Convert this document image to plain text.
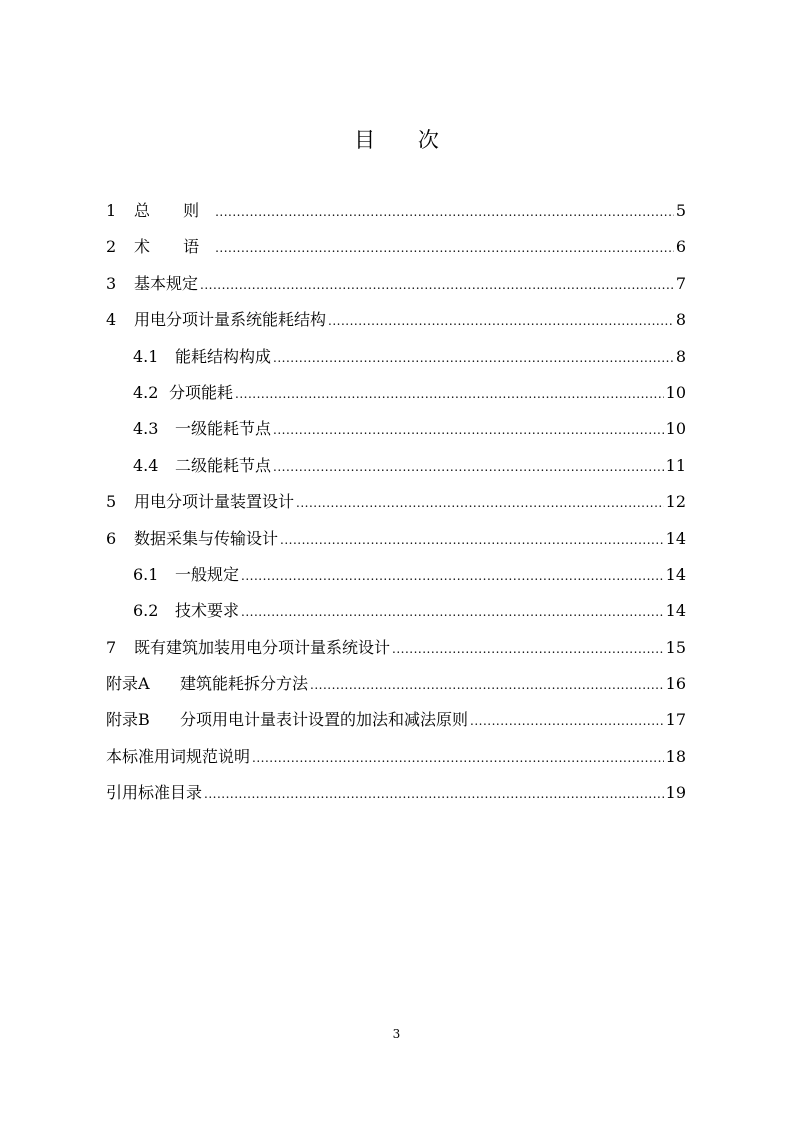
目 次
1	总 则 .....	5
2	术 语 .....	6
3	基本规定 .....	7
4	用电分项计量系统能耗结构 .....	8
4.1	能耗结构构成 .....	8
4.2 分项能耗 .....	10
4.3	一级能耗节点 .....	10
4.4	二级能耗节点 .....	11
5	用电分项计量装置设计 .....	12
6	数据采集与传输设计 .....	14
6.1	一般规定 .....	14
6.2	技术要求 .....	14
7	既有建筑加装用电分项计量系统设计 .....	15
附录A	建筑能耗拆分方法 .....	16
附录B	分项用电计量表计设置的加法和减法原则 .....	17
本标准用词规范说明 .....	18
引用标准目录 .....	19
3
